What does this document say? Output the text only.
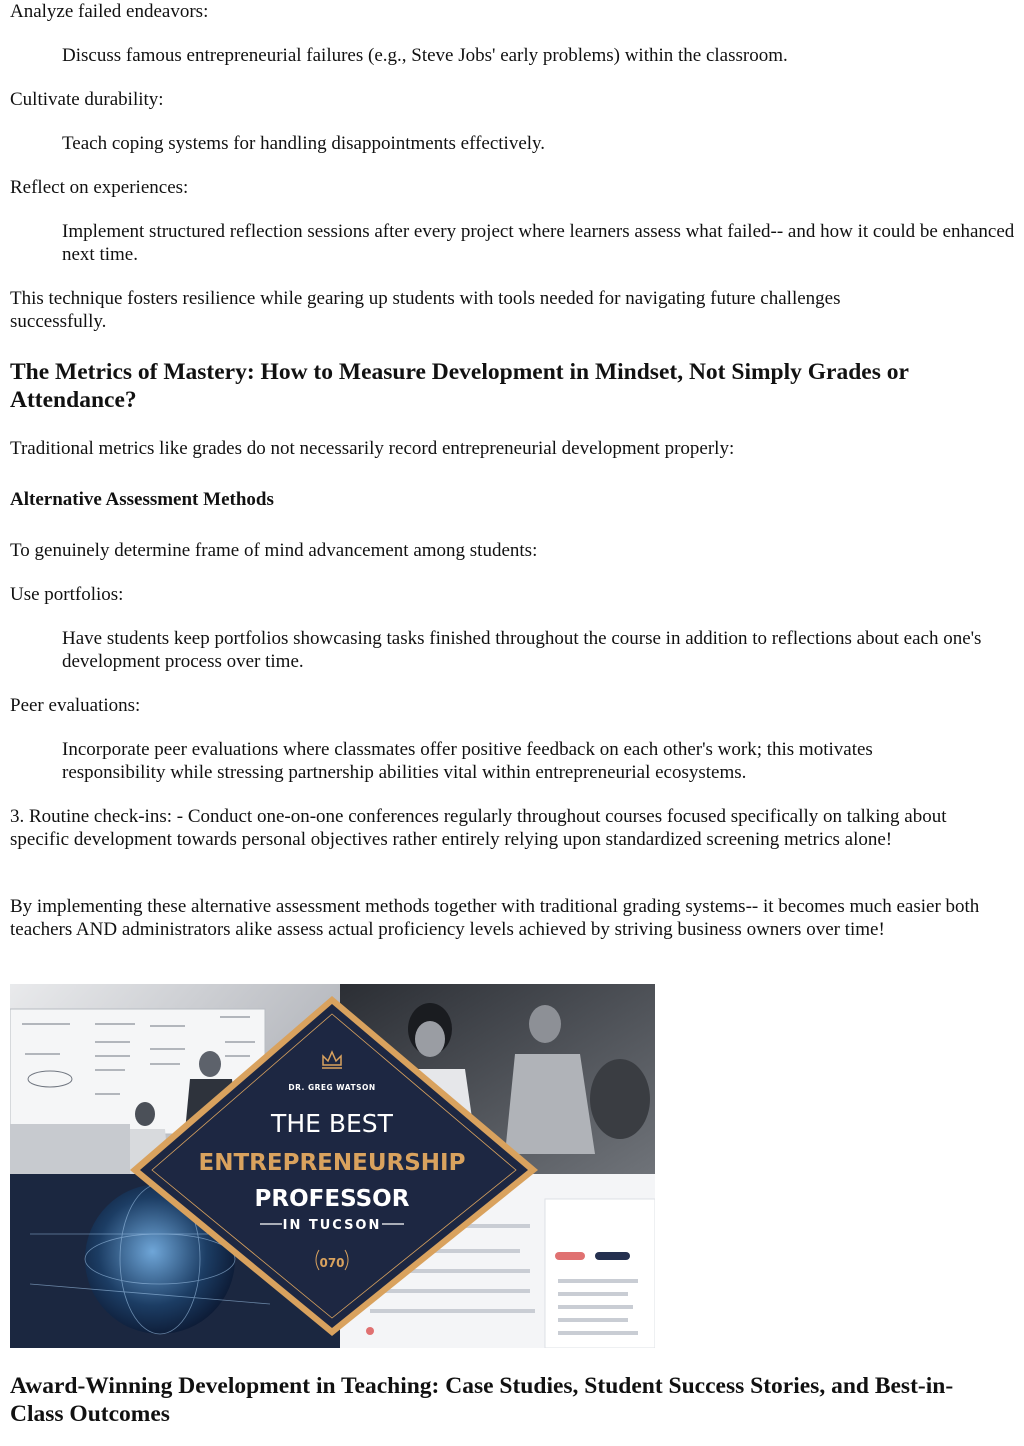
Analyze failed endeavors:

Discuss famous entrepreneurial failures (e.g., Steve Jobs' early problems) within the classroom.

Cultivate durability:

Teach coping systems for handling disappointments effectively.

Reflect on experiences:

Implement structured reflection sessions after every project where learners assess what failed-- and how it could be enhanced next time.

This technique fosters resilience while gearing up students with tools needed for navigating future challenges successfully.

The Metrics of Mastery: How to Measure Development in Mindset, Not Simply Grades or Attendance?

Traditional metrics like grades do not necessarily record entrepreneurial development properly:

Alternative Assessment Methods

To genuinely determine frame of mind advancement among students:

Use portfolios:

Have students keep portfolios showcasing tasks finished throughout the course in addition to reflections about each one's development process over time.

Peer evaluations:

Incorporate peer evaluations where classmates offer positive feedback on each other's work; this motivates responsibility while stressing partnership abilities vital within entrepreneurial ecosystems.

3. Routine check-ins: - Conduct one-on-one conferences regularly throughout courses focused specifically on talking about specific development towards personal objectives rather entirely relying upon standardized screening metrics alone!

By implementing these alternative assessment methods together with traditional grading systems-- it becomes much easier both teachers AND administrators alike assess actual proficiency levels achieved by striving business owners over time!

DR. GREG WATSON
THE BEST
ENTREPRENEURSHIP
PROFESSOR
IN TUCSON
070
Award-Winning Development in Teaching: Case Studies, Student Success Stories, and Best-in-Class Outcomes
